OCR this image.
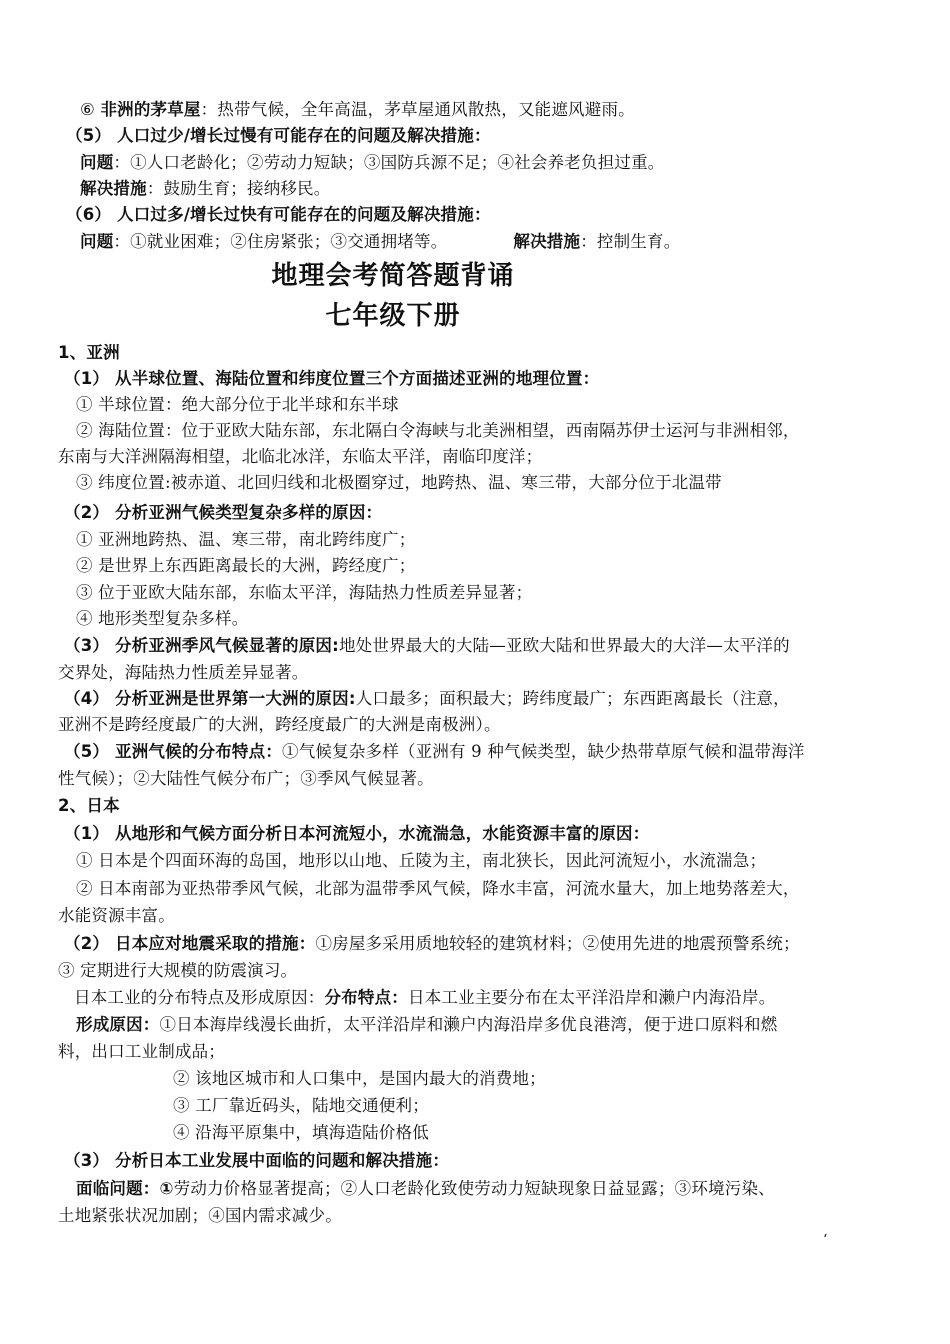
⑥ 非洲的茅草屋：热带气候，全年高温，茅草屋通风散热，又能遮风避雨。
（5） 人口过少/增长过慢有可能存在的问题及解决措施：
问题：①人口老龄化；②劳动力短缺；③国防兵源不足；④社会养老负担过重。
解决措施：鼓励生育；接纳移民。
（6） 人口过多/增长过快有可能存在的问题及解决措施：
问题：①就业困难；②住房紧张；③交通拥堵等。	解决措施：控制生育。
地理会考简答题背诵
七年级下册
1、亚洲
（1） 从半球位置、海陆位置和纬度位置三个方面描述亚洲的地理位置：
① 半球位置：绝大部分位于北半球和东半球
② 海陆位置：位于亚欧大陆东部，东北隔白令海峡与北美洲相望，西南隔苏伊士运河与非洲相邻，
东南与大洋洲隔海相望，北临北冰洋，东临太平洋，南临印度洋；
③ 纬度位置:被赤道、北回归线和北极圈穿过，地跨热、温、寒三带，大部分位于北温带
（2） 分析亚洲气候类型复杂多样的原因：
① 亚洲地跨热、温、寒三带，南北跨纬度广；
② 是世界上东西距离最长的大洲，跨经度广；
③ 位于亚欧大陆东部，东临太平洋，海陆热力性质差异显著；
④ 地形类型复杂多样。
（3） 分析亚洲季风气候显著的原因:地处世界最大的大陆—亚欧大陆和世界最大的大洋—太平洋的
交界处，海陆热力性质差异显著。
（4） 分析亚洲是世界第一大洲的原因:人口最多；面积最大；跨纬度最广；东西距离最长（注意，
亚洲不是跨经度最广的大洲，跨经度最广的大洲是南极洲）。
（5） 亚洲气候的分布特点：①气候复杂多样（亚洲有 9 种气候类型，缺少热带草原气候和温带海洋
性气候）；②大陆性气候分布广；③季风气候显著。
2、日本
（1） 从地形和气候方面分析日本河流短小，水流湍急，水能资源丰富的原因：
① 日本是个四面环海的岛国，地形以山地、丘陵为主，南北狭长，因此河流短小，水流湍急；
② 日本南部为亚热带季风气候，北部为温带季风气候，降水丰富，河流水量大，加上地势落差大，
水能资源丰富。
（2） 日本应对地震采取的措施：①房屋多采用质地较轻的建筑材料；②使用先进的地震预警系统；
③ 定期进行大规模的防震演习。
日本工业的分布特点及形成原因：分布特点：日本工业主要分布在太平洋沿岸和濑户内海沿岸。
形成原因：①日本海岸线漫长曲折，太平洋沿岸和濑户内海沿岸多优良港湾，便于进口原料和燃
料，出口工业制成品；
② 该地区城市和人口集中，是国内最大的消费地；
③ 工厂靠近码头，陆地交通便利；
④ 沿海平原集中，填海造陆价格低
（3） 分析日本工业发展中面临的问题和解决措施：
面临问题：①劳动力价格显著提高；②人口老龄化致使劳动力短缺现象日益显露；③环境污染、
土地紧张状况加剧；④国内需求减少。
‘
